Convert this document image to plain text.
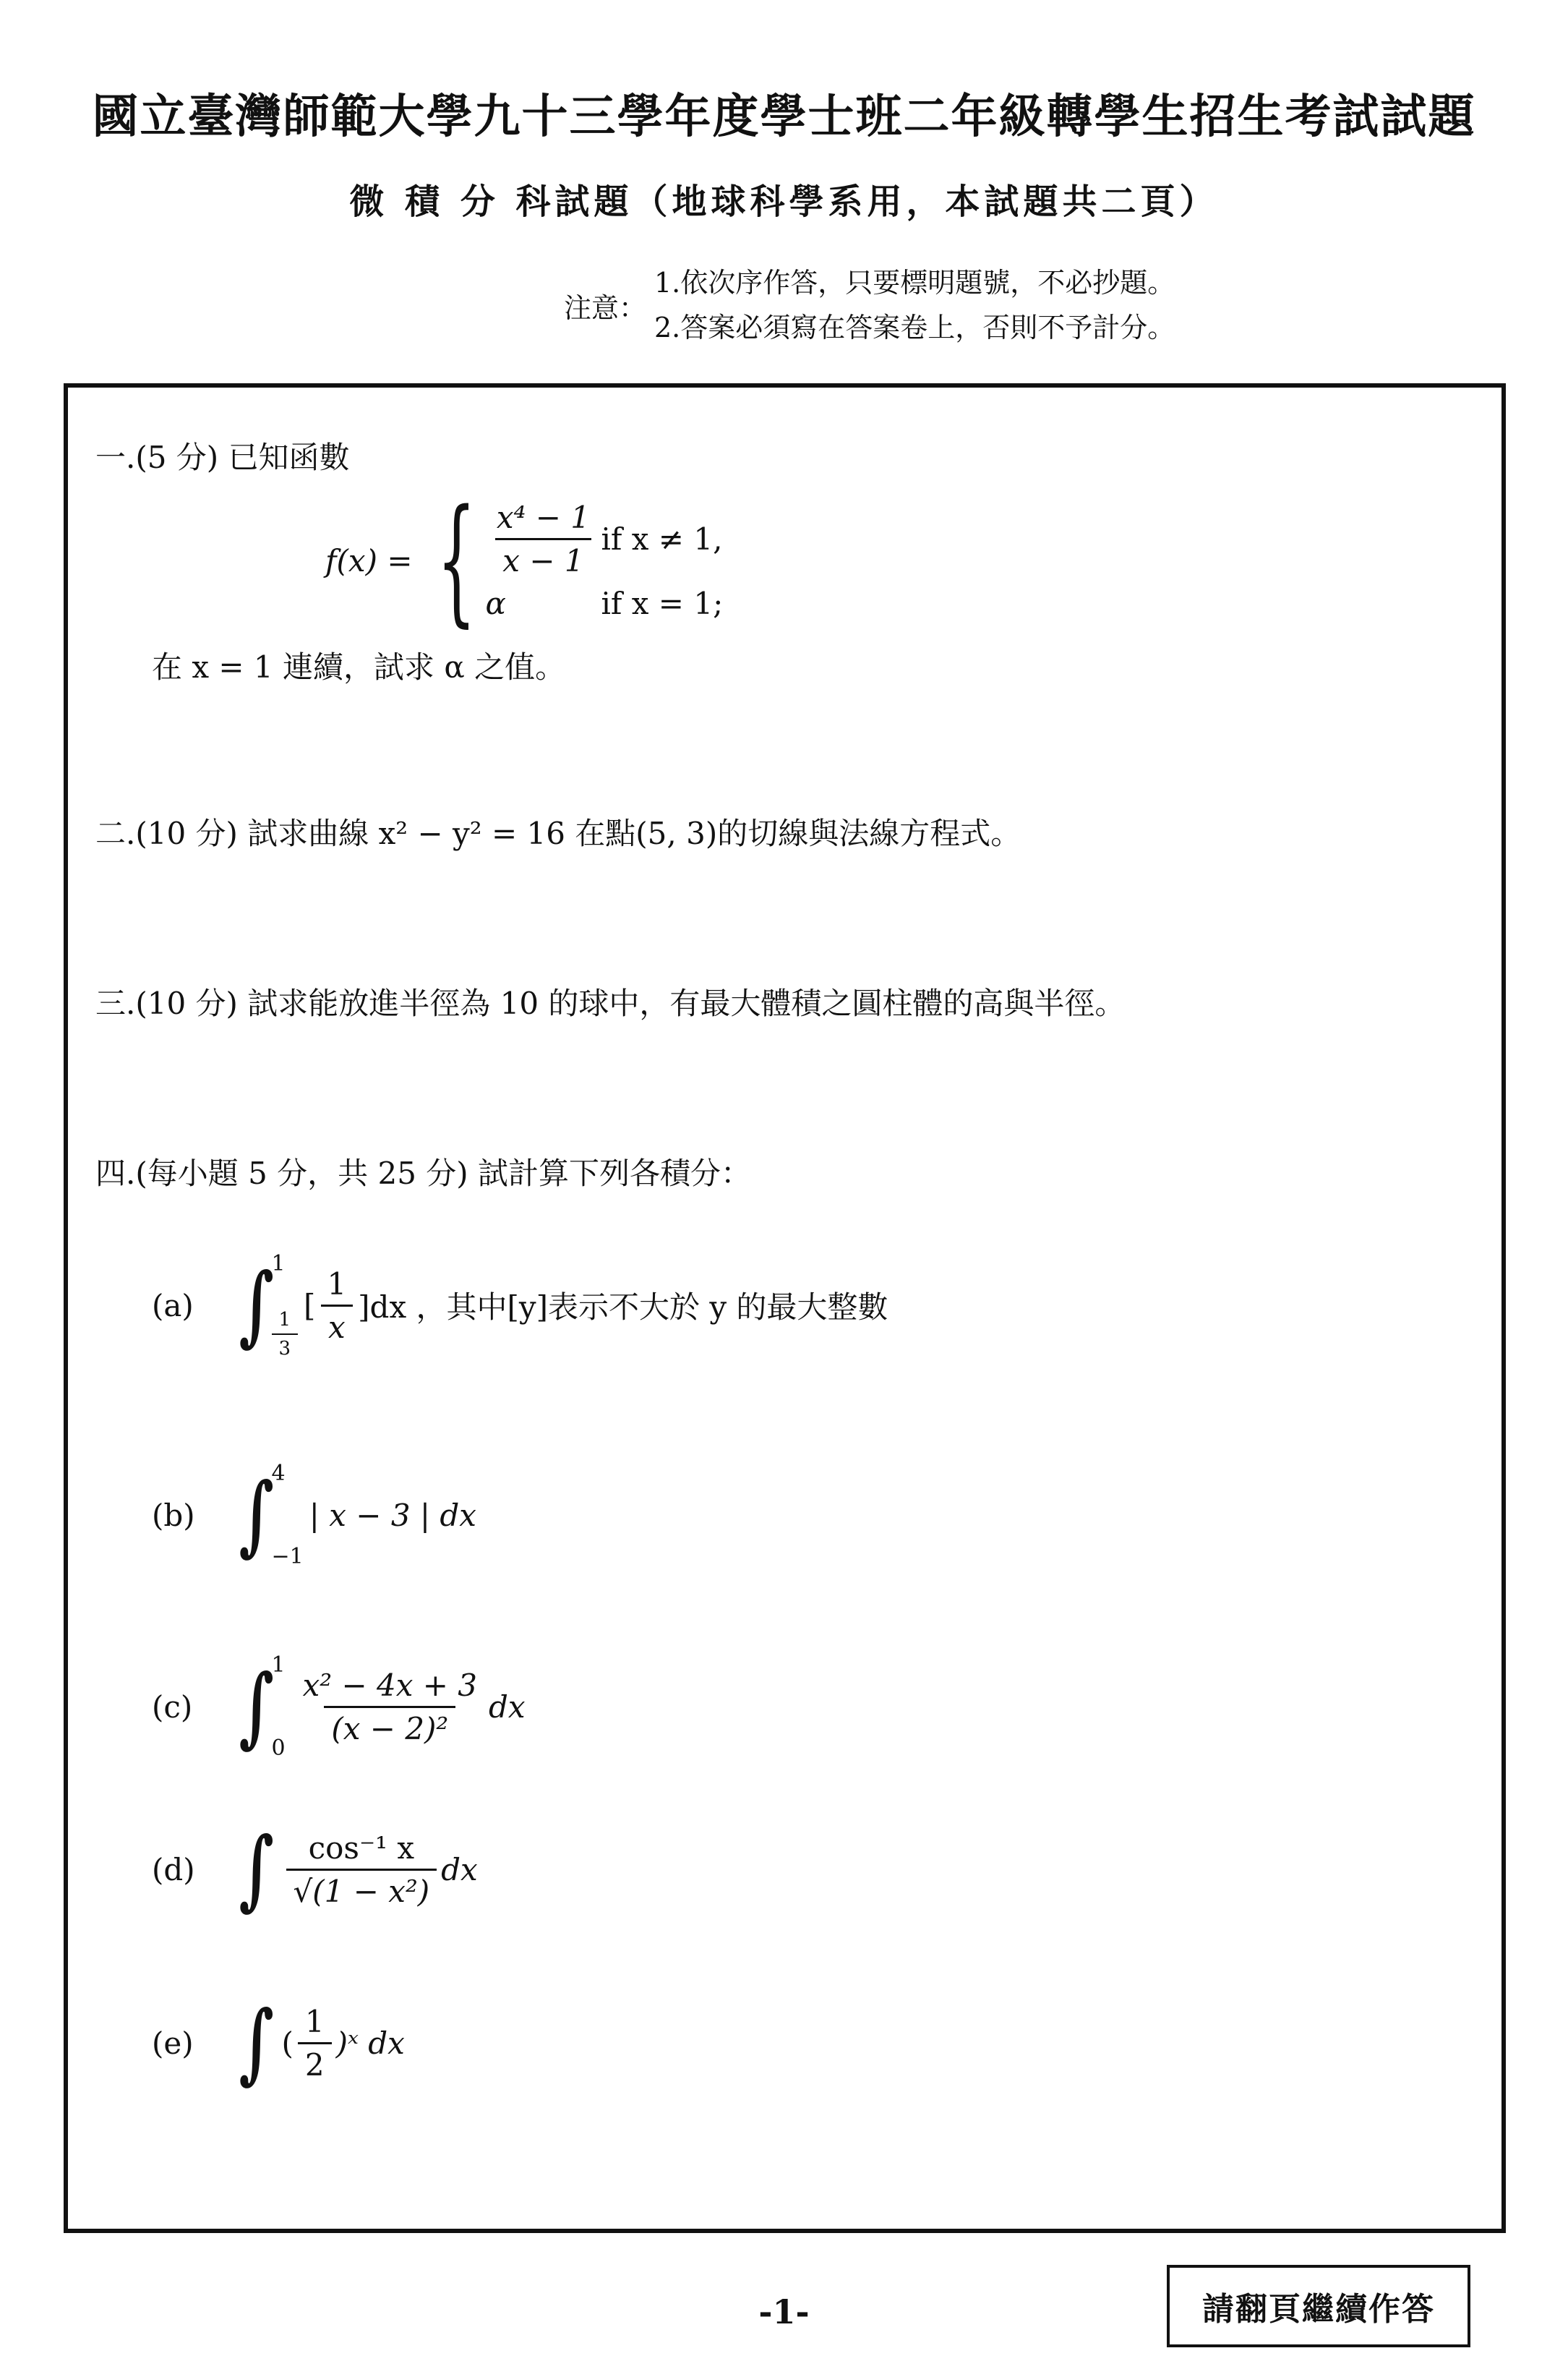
國立臺灣師範大學九十三學年度學士班二年級轉學生招生考試試題
微 積 分 科試題（地球科學系用，本試題共二頁）
注意：
1.依次序作答，只要標明題號，不必抄題。
2.答案必須寫在答案卷上，否則不予計分。
一.(5 分) 已知函數
f(x) = { $\frac{\text{x⁴ − 1}}{x - 1}$ if x ≠ 1,
α	if x = 1;
在 x = 1 連續，試求 α 之值。
二.(10 分) 試求曲線 x² − y² = 16 在點(5, 3)的切線與法線方程式。
三.(10 分) 試求能放進半徑為 10 的球中，有最大體積之圓柱體的高與半徑。
四.(每小題 5 分，共 25 分) 試計算下列各積分：
(a) ∫
1
$\frac{1}{3}$
[ $\frac{1}{x} ]dx$ ，其中[y]表示不大於 y 的最大整數
(b) ∫
4
−1
| x − 3 | dx
(c) ∫
1
0
$\frac{\text{x² − 4x + 3}}{\text{(x − 2)²}}$ dx
(d) ∫ $\frac{\text{cos⁻¹ x}}{\text{√(1 − x²)}}$ dx
(e) ∫ ( $\frac{1}{2}$ )ˣ dx
-1-	請翻頁繼續作答
